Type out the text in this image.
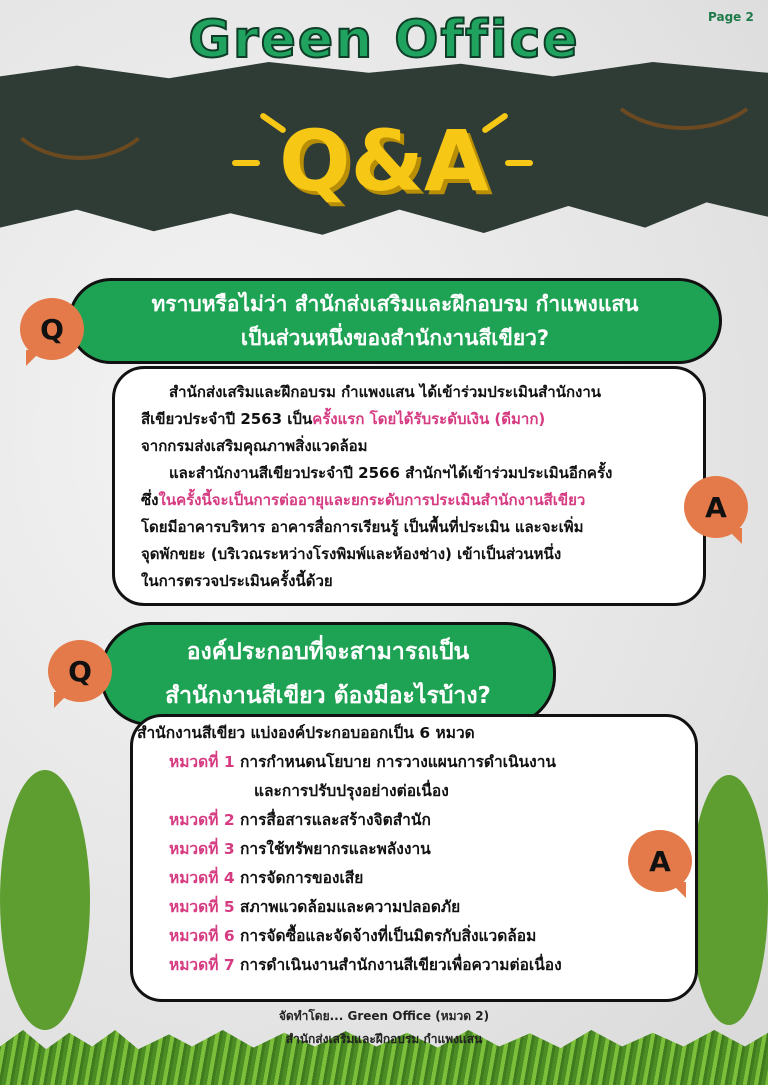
Green Office	Page 2
Q&A
ทราบหรือไม่ว่า สำนักส่งเสริมและฝึกอบรม กำแพงแสน
เป็นส่วนหนึ่งของสำนักงานสีเขียว?
Q

สำนักส่งเสริมและฝึกอบรม กำแพงแสน ได้เข้าร่วมประเมินสำนักงาน

สีเขียวประจำปี 2563 เป็นครั้งแรก โดยได้รับระดับเงิน (ดีมาก)

จากกรมส่งเสริมคุณภาพสิ่งแวดล้อม

และสำนักงานสีเขียวประจำปี 2566 สำนักฯได้เข้าร่วมประเมินอีกครั้ง

ซึ่งในครั้งนี้จะเป็นการต่ออายุและยกระดับการประเมินสำนักงานสีเขียว

โดยมีอาคารบริหาร อาคารสื่อการเรียนรู้ เป็นพื้นที่ประเมิน และจะเพิ่ม

จุดพักขยะ (บริเวณระหว่างโรงพิมพ์และห้องช่าง) เข้าเป็นส่วนหนึ่ง

ในการตรวจประเมินครั้งนี้ด้วย

A
องค์ประกอบที่จะสามารถเป็น
สำนักงานสีเขียว ต้องมีอะไรบ้าง?
Q

สำนักงานสีเขียว แบ่งองค์ประกอบออกเป็น 6 หมวด

หมวดที่ 1 การกำหนดนโยบาย การวางแผนการดำเนินงาน

และการปรับปรุงอย่างต่อเนื่อง

หมวดที่ 2 การสื่อสารและสร้างจิตสำนัก

หมวดที่ 3 การใช้ทรัพยากรและพลังงาน

หมวดที่ 4 การจัดการของเสีย

หมวดที่ 5 สภาพแวดล้อมและความปลอดภัย

หมวดที่ 6 การจัดซื้อและจัดจ้างที่เป็นมิตรกับสิ่งแวดล้อม

หมวดที่ 7 การดำเนินงานสำนักงานสีเขียวเพื่อความต่อเนื่อง

A
จัดทำโดย... Green Office (หมวด 2)
สำนักส่งเสริมและฝึกอบรม กำแพงแสน
